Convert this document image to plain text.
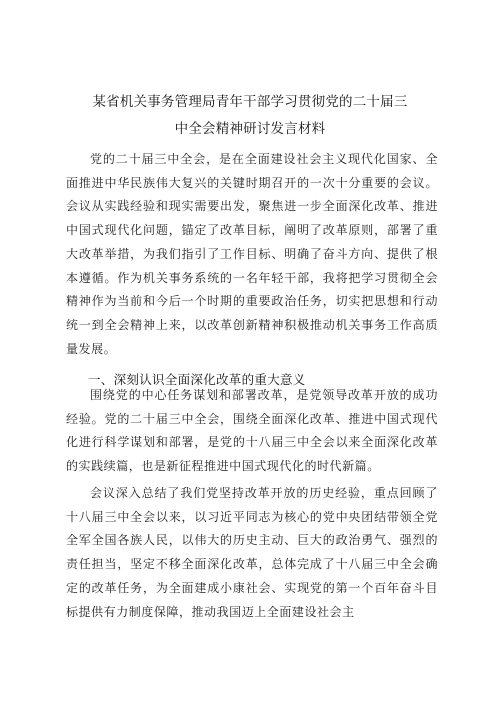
某省机关事务管理局青年干部学习贯彻党的二十届三
中全会精神研讨发言材料

党的二十届三中全会，是在全面建设社会主义现代化国家、全面推进中华民族伟大复兴的关键时期召开的一次十分重要的会议。会议从实践经验和现实需要出发，聚焦进一步全面深化改革、推进中国式现代化问题，锚定了改革目标，阐明了改革原则，部署了重大改革举措，为我们指引了工作目标、明确了奋斗方向、提供了根本遵循。作为机关事务系统的一名年轻干部，我将把学习贯彻全会精神作为当前和今后一个时期的重要政治任务，切实把思想和行动统一到全会精神上来，以改革创新精神积极推动机关事务工作高质量发展。

一、深刻认识全面深化改革的重大意义

围绕党的中心任务谋划和部署改革，是党领导改革开放的成功经验。党的二十届三中全会，围绕全面深化改革、推进中国式现代化进行科学谋划和部署，是党的十八届三中全会以来全面深化改革的实践续篇，也是新征程推进中国式现代化的时代新篇。

会议深入总结了我们党坚持改革开放的历史经验，重点回顾了十八届三中全会以来，以习近平同志为核心的党中央团结带领全党全军全国各族人民，以伟大的历史主动、巨大的政治勇气、强烈的责任担当，坚定不移全面深化改革，总体完成了十八届三中全会确定的改革任务，为全面建成小康社会、实现党的第一个百年奋斗目标提供有力制度保障，推动我国迈上全面建设社会主
